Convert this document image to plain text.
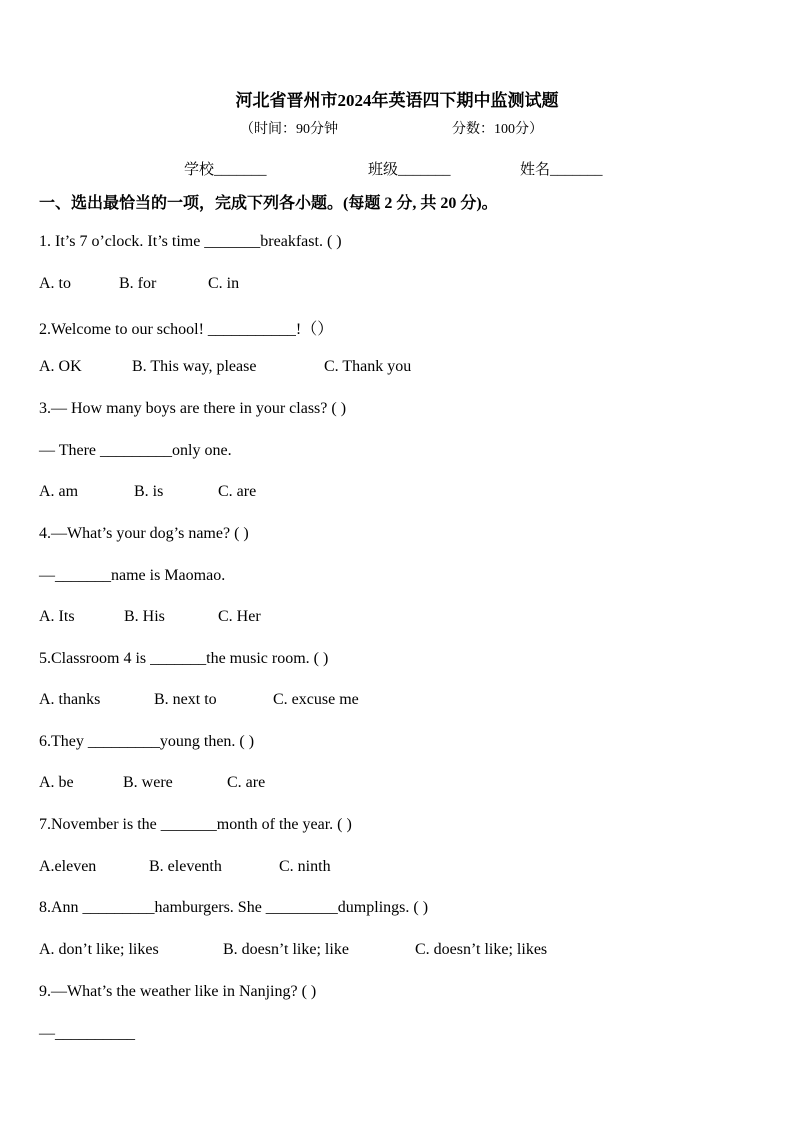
河北省晋州市2024年英语四下期中监测试题
（时间：90分钟	分数：100分）
学校_______	班级_______	姓名_______
一、选出最恰当的一项，完成下列各小题。(每题 2 分, 共 20 分)。
1. It’s 7 o’clock. It’s time _______breakfast. ( )
A. to	B. for	C. in
2.Welcome to our school! ___________!（）
A. OK	B. This way, please	C. Thank you
3.— How many boys are there in your class? ( )
— There _________only one.
A. am	B. is	C. are
4.—What’s your dog’s name? ( )
—_______name is Maomao.
A. Its	B. His	C. Her
5.Classroom 4 is _______the music room. ( )
A. thanks	B. next to	C. excuse me
6.They _________young then. ( )
A. be	B. were	C. are
7.November is the _______month of the year. ( )
A.eleven	B. eleventh	C. ninth
8.Ann _________hamburgers. She _________dumplings. ( )
A. don’t like; likes	B. doesn’t like; like	C. doesn’t like; likes
9.—What’s the weather like in Nanjing? ( )
—__________
